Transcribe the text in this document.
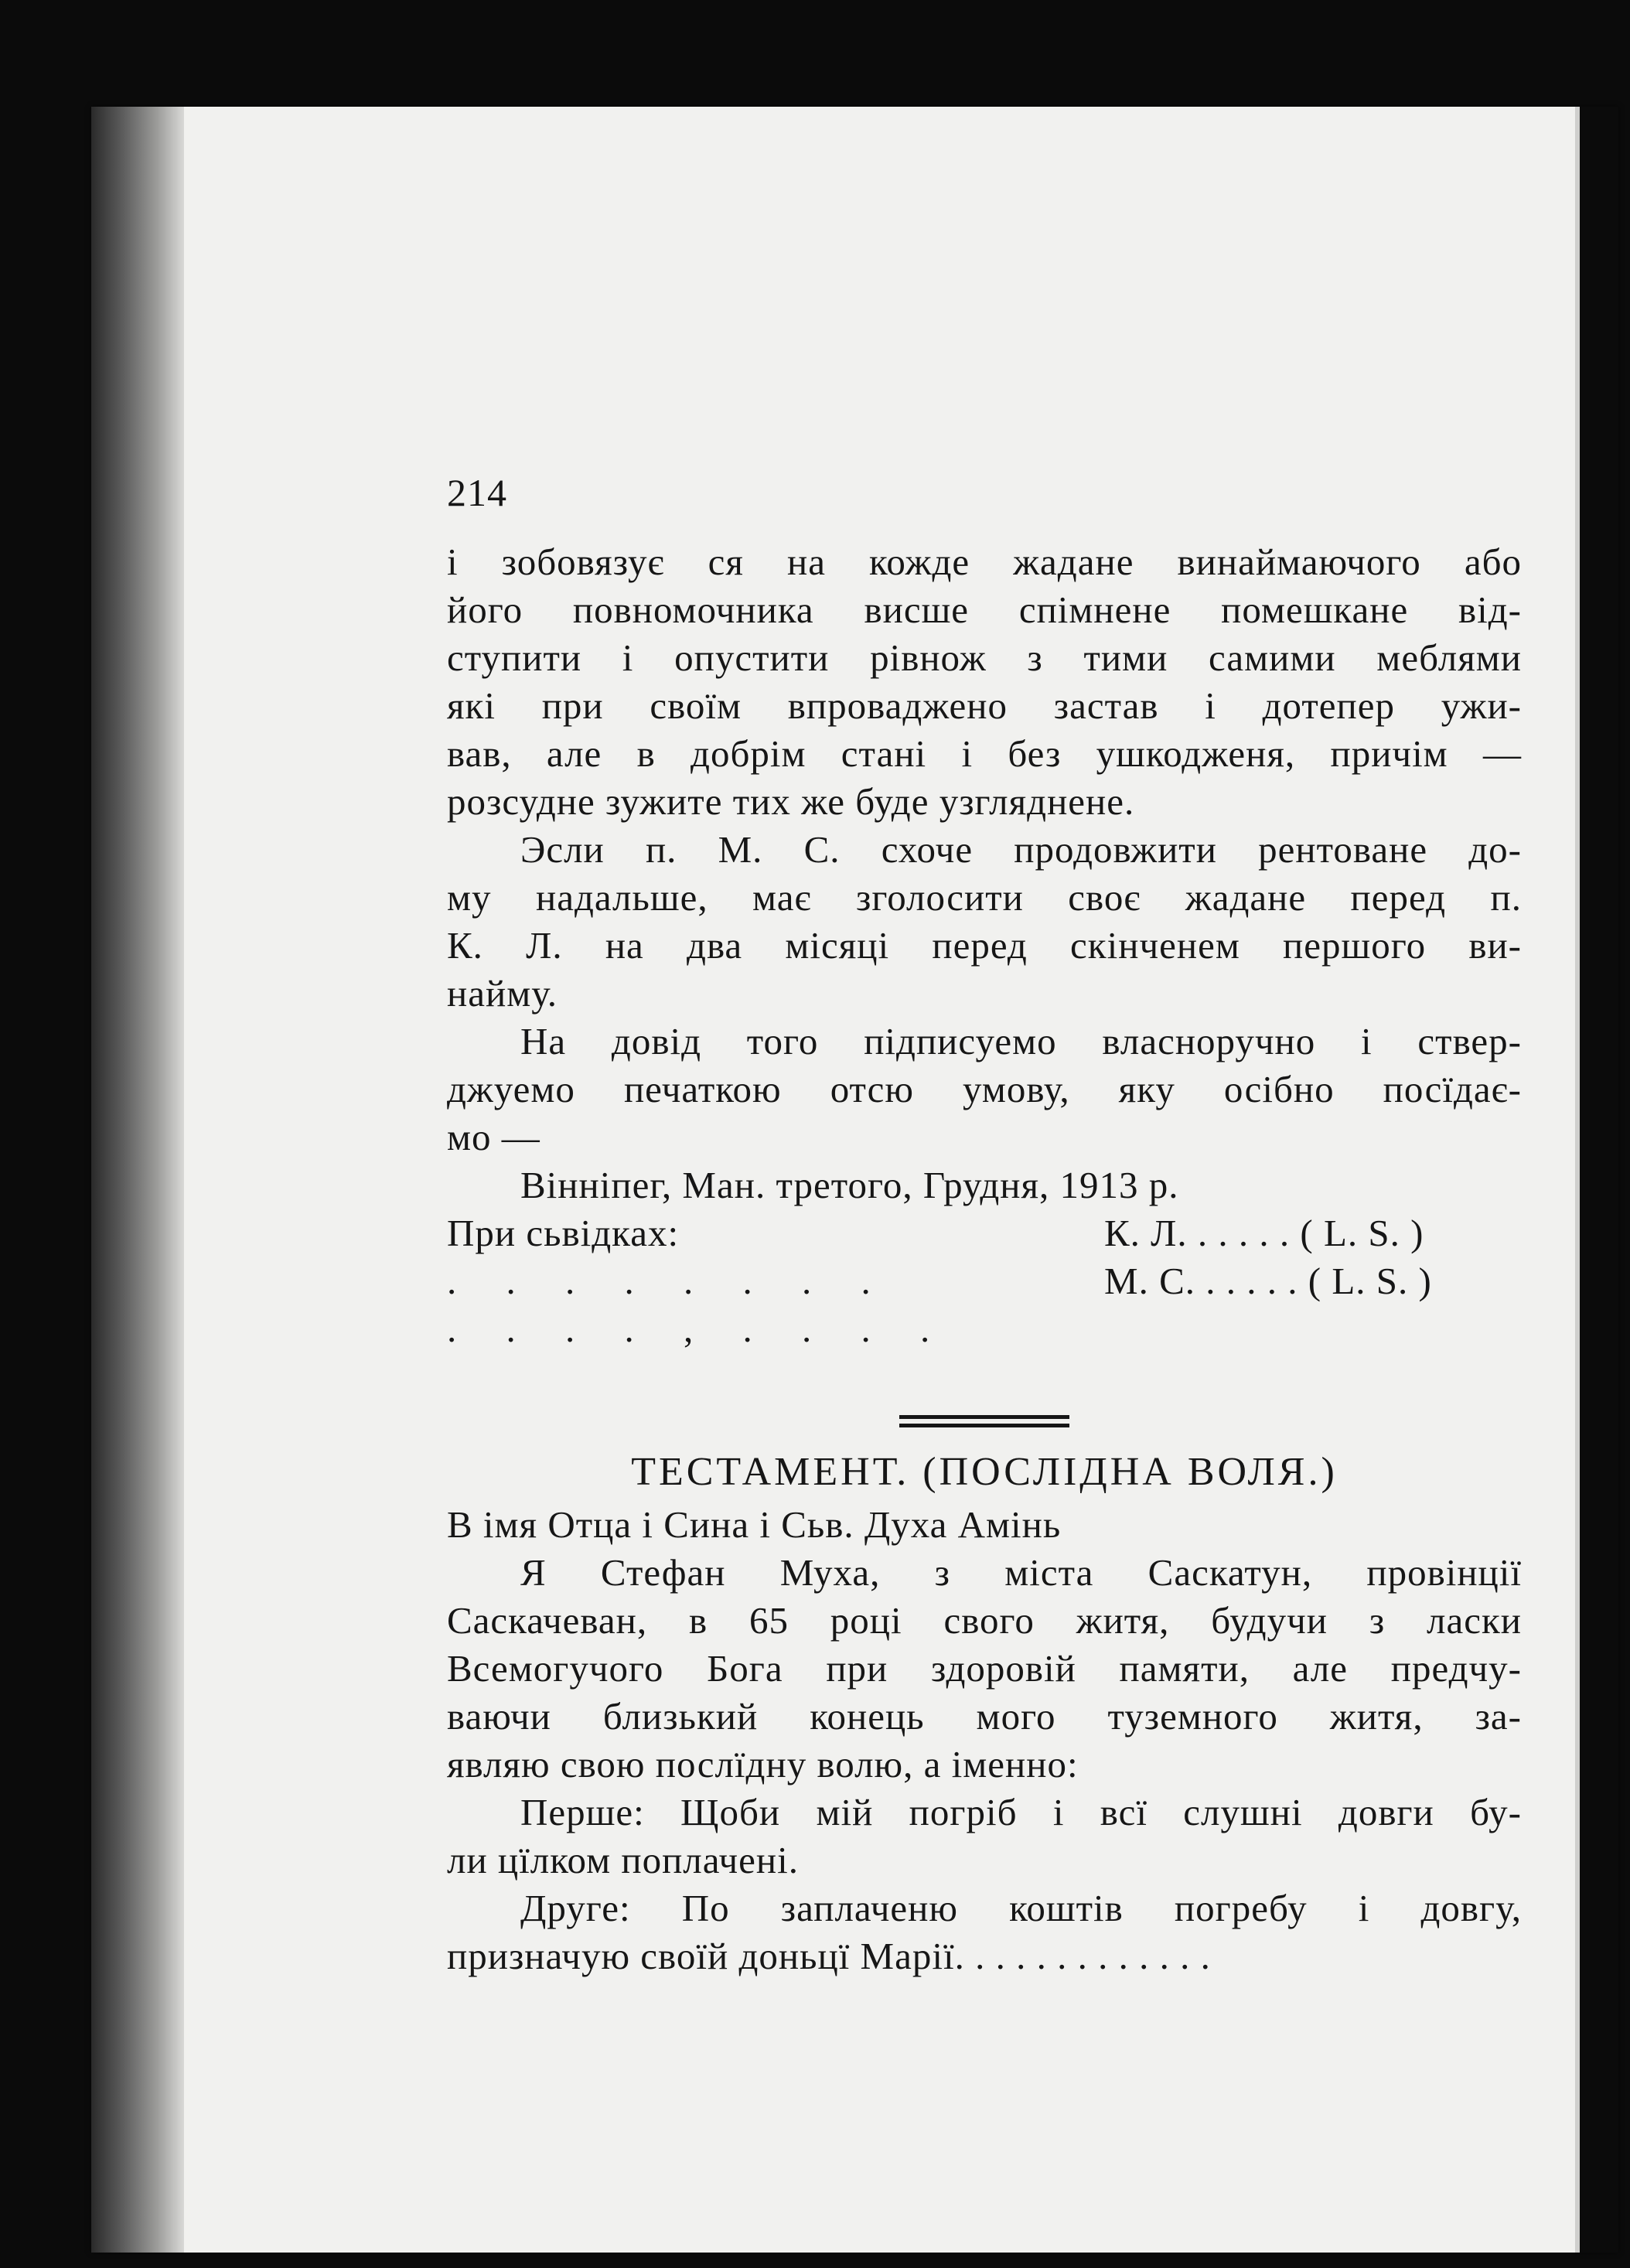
214
і зобовязує ся на кожде жадане винаймаючого або
його повномочника висше спімнене помешкане від-
ступити і опустити рівнож з тими самими меблями
які при своїм впроваджено застав і дотепер ужи-
вав, але в добрім стані і без ушкодженя, причім —
розсудне зужите тих же буде узгляднене.
Эсли п. М. С. схоче продовжити рентоване до-
му надальше, має зголосити своє жадане перед п.
К. Л. на два місяці перед скінченем першого ви-
найму.
На довід того підписуемо власноручно і ствер-
джуемо печаткою отсю умову, яку осібно посїдає-
мо —
Вінніпег, Ман. третого, Грудня, 1913 р.
При сьвідках:	К. Л. . . . . . ( L. S. )
. . . . . . . .	М. С. . . . . . ( L. S. )
. . . . , . . . .
ТЕСТАМЕНТ. (ПОСЛІДНА ВОЛЯ.)
В імя Отца і Сина і Сьв. Духа Амінь
Я Стефан Муха, з міста Саскатун, провінції
Саскачеван, в 65 році свого житя, будучи з ласки
Всемогучого Бога при здоровій памяти, але предчу-
ваючи близький конець мого туземного житя, за-
являю свою послїдну волю, а іменно:
Перше: Щоби мій погріб і всї слушні довги бу-
ли цїлком поплачені.
Друге: По заплаченю коштів погребу і довгу,
призначую своїй доньцї Марії. . . . . . . . . . . . .
